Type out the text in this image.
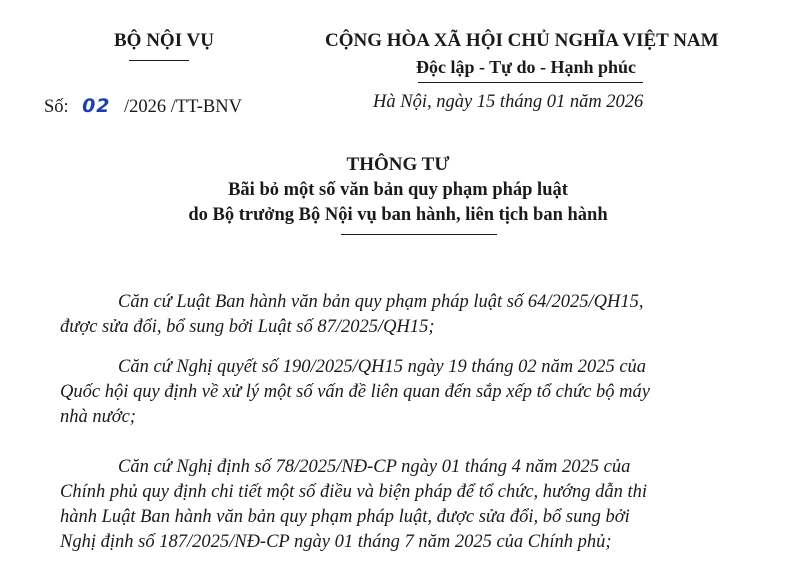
BỘ NỘI VỤ	CỘNG HÒA XÃ HỘI CHỦ NGHĨA VIỆT NAM
Độc lập - Tự do - Hạnh phúc
Số: 02 /2026 /TT-BNV	Hà Nội, ngày 15 tháng 01 năm 2026
THÔNG TƯ
Bãi bỏ một số văn bản quy phạm pháp luật
do Bộ trưởng Bộ Nội vụ ban hành, liên tịch ban hành
Căn cứ Luật Ban hành văn bản quy phạm pháp luật số 64/2025/QH15,
được sửa đổi, bổ sung bởi Luật số 87/2025/QH15;
Căn cứ Nghị quyết số 190/2025/QH15 ngày 19 tháng 02 năm 2025 của
Quốc hội quy định về xử lý một số vấn đề liên quan đến sắp xếp tổ chức bộ máy
nhà nước;
Căn cứ Nghị định số 78/2025/NĐ-CP ngày 01 tháng 4 năm 2025 của
Chính phủ quy định chi tiết một số điều và biện pháp để tổ chức, hướng dẫn thi
hành Luật Ban hành văn bản quy phạm pháp luật, được sửa đổi, bổ sung bởi
Nghị định số 187/2025/NĐ-CP ngày 01 tháng 7 năm 2025 của Chính phủ;
